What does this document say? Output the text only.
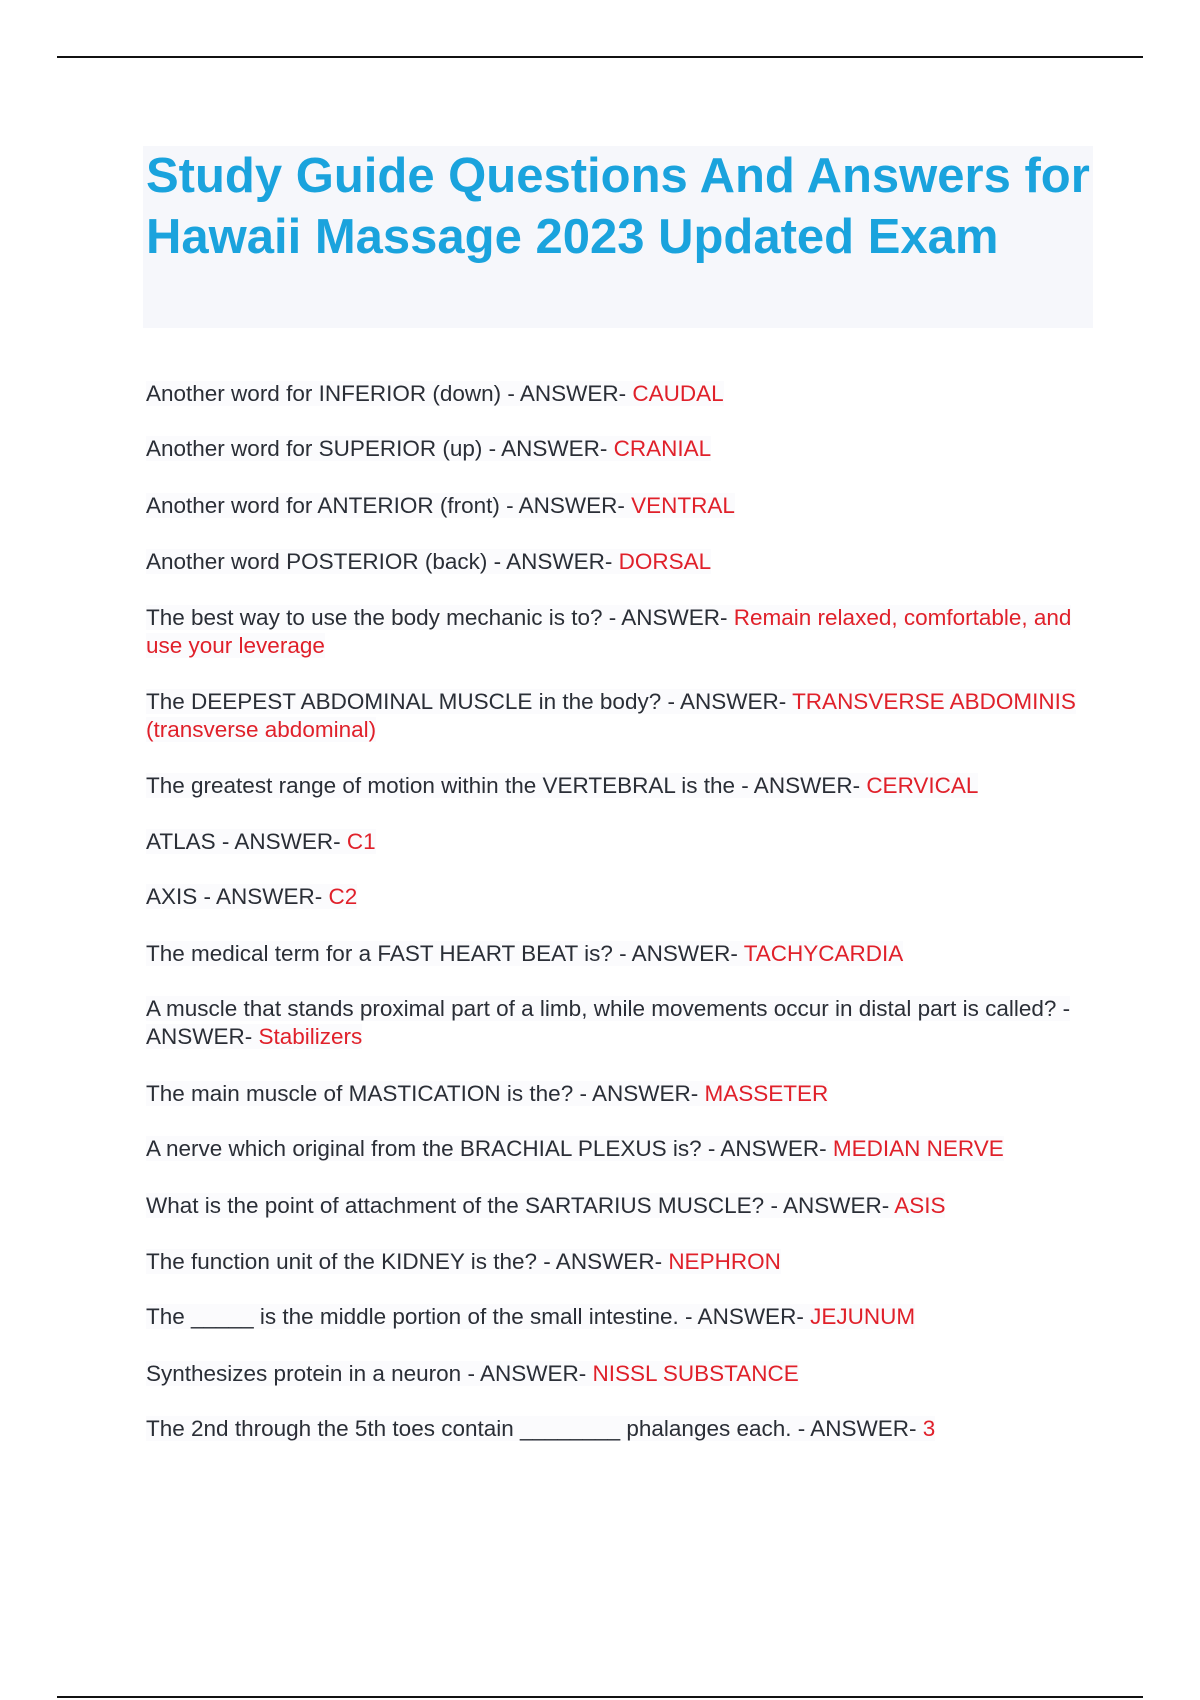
Study Guide Questions And Answers for Hawaii Massage 2023 Updated Exam
Another word for INFERIOR (down) - ANSWER- CAUDAL
Another word for SUPERIOR (up) - ANSWER- CRANIAL
Another word for ANTERIOR (front) - ANSWER- VENTRAL
Another word POSTERIOR (back) - ANSWER- DORSAL
The best way to use the body mechanic is to? - ANSWER- Remain relaxed, comfortable, and use your leverage
The DEEPEST ABDOMINAL MUSCLE in the body? - ANSWER- TRANSVERSE ABDOMINIS (transverse abdominal)
The greatest range of motion within the VERTEBRAL is the - ANSWER- CERVICAL
ATLAS - ANSWER- C1
AXIS - ANSWER- C2
The medical term for a FAST HEART BEAT is? - ANSWER- TACHYCARDIA
A muscle that stands proximal part of a limb, while movements occur in distal part is called? - ANSWER- Stabilizers
The main muscle of MASTICATION is the? - ANSWER- MASSETER
A nerve which original from the BRACHIAL PLEXUS is? - ANSWER- MEDIAN NERVE
What is the point of attachment of the SARTARIUS MUSCLE? - ANSWER- ASIS
The function unit of the KIDNEY is the? - ANSWER- NEPHRON
The _____ is the middle portion of the small intestine. - ANSWER- JEJUNUM
Synthesizes protein in a neuron - ANSWER- NISSL SUBSTANCE
The 2nd through the 5th toes contain ________ phalanges each. - ANSWER- 3
